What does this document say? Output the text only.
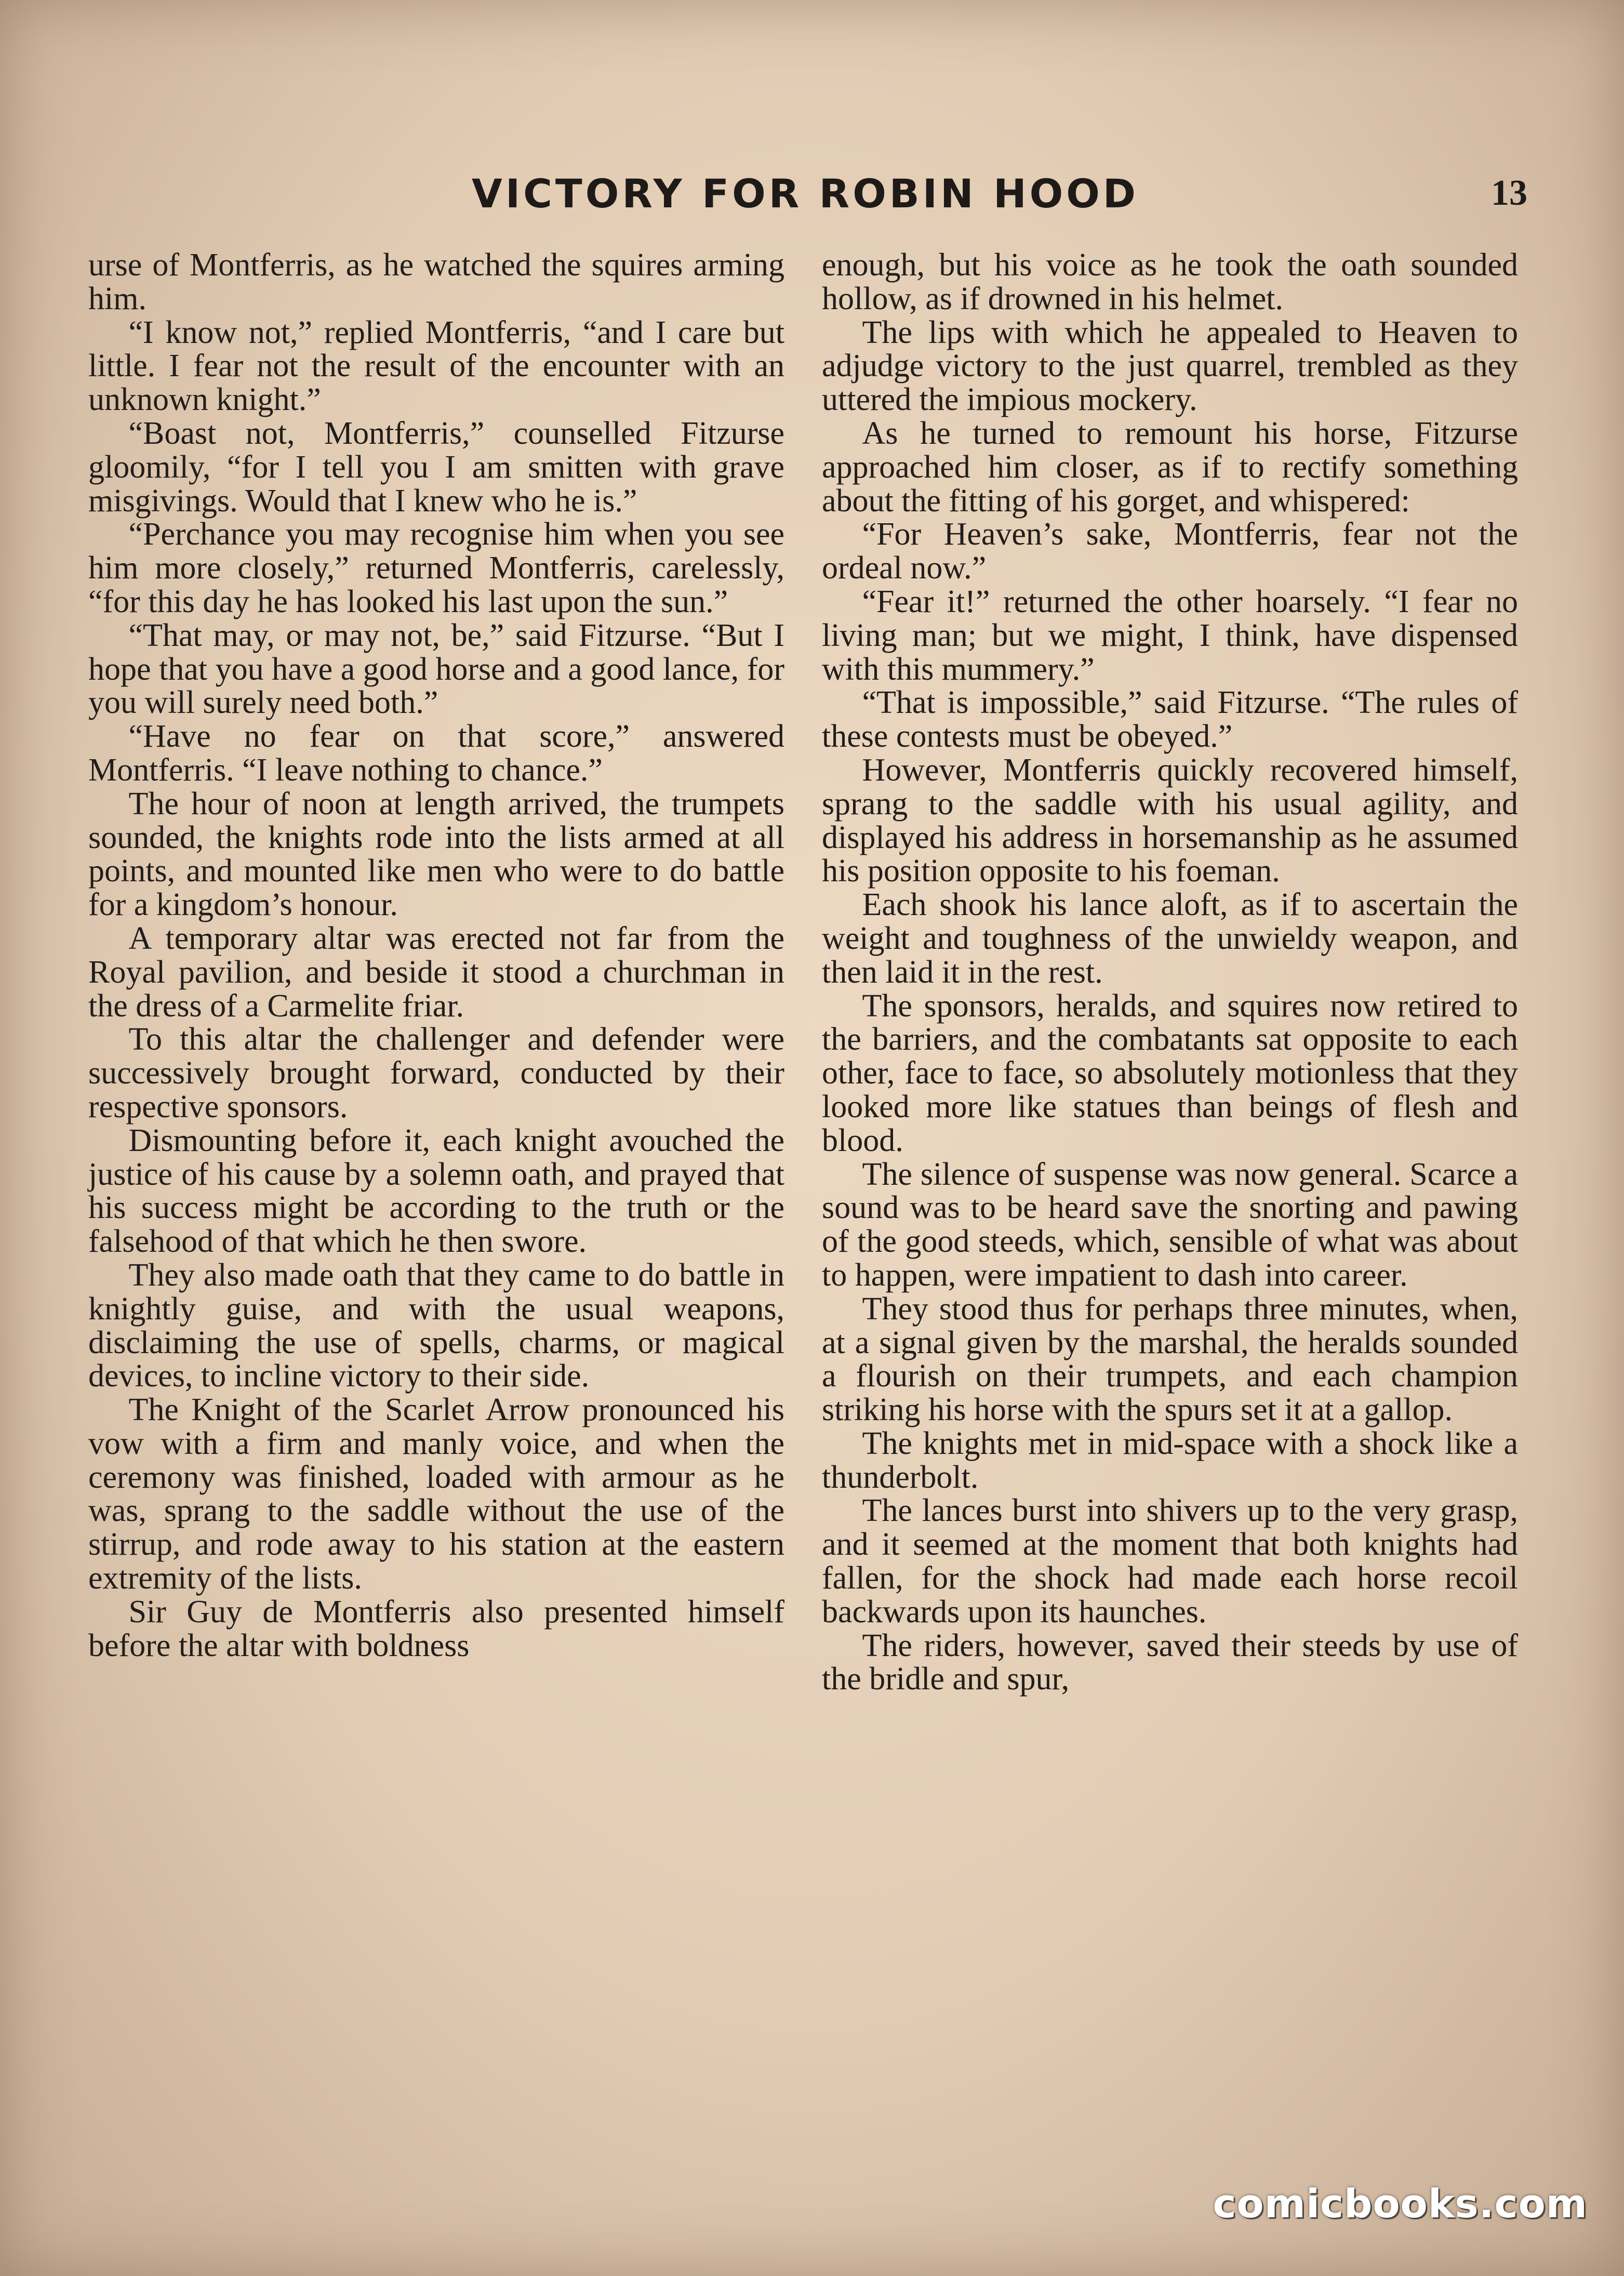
VICTORY FOR ROBIN HOOD	13

urse of Montferris, as he watched the squires arming him.

“I know not,” replied Montferris, “and I care but little. I fear not the result of the encounter with an unknown knight.”

“Boast not, Montferris,” counselled Fitzurse gloomily, “for I tell you I am smitten with grave misgivings. Would that I knew who he is.”

“Perchance you may recognise him when you see him more closely,” returned Montferris, carelessly, “for this day he has looked his last upon the sun.”

“That may, or may not, be,” said Fitzurse. “But I hope that you have a good horse and a good lance, for you will surely need both.”

“Have no fear on that score,” answered Montferris. “I leave nothing to chance.”

The hour of noon at length arrived, the trumpets sounded, the knights rode into the lists armed at all points, and mounted like men who were to do battle for a kingdom’s honour.

A temporary altar was erected not far from the Royal pavilion, and beside it stood a churchman in the dress of a Carmelite friar.

To this altar the challenger and defender were successively brought forward, conducted by their respective sponsors.

Dismounting before it, each knight avouched the justice of his cause by a solemn oath, and prayed that his success might be according to the truth or the falsehood of that which he then swore.

They also made oath that they came to do battle in knightly guise, and with the usual weapons, disclaiming the use of spells, charms, or magical devices, to incline victory to their side.

The Knight of the Scarlet Arrow pronounced his vow with a firm and manly voice, and when the ceremony was finished, loaded with armour as he was, sprang to the saddle without the use of the stirrup, and rode away to his station at the eastern extremity of the lists.

Sir Guy de Montferris also presented himself before the altar with boldness

enough, but his voice as he took the oath sounded hollow, as if drowned in his helmet.

The lips with which he appealed to Heaven to adjudge victory to the just quarrel, trembled as they uttered the impious mockery.

As he turned to remount his horse, Fitzurse approached him closer, as if to rectify something about the fitting of his gorget, and whispered:

“For Heaven’s sake, Montferris, fear not the ordeal now.”

“Fear it!” returned the other hoarsely. “I fear no living man; but we might, I think, have dispensed with this mummery.”

“That is impossible,” said Fitzurse. “The rules of these contests must be obeyed.”

However, Montferris quickly recovered himself, sprang to the saddle with his usual agility, and displayed his address in horsemanship as he assumed his position opposite to his foeman.

Each shook his lance aloft, as if to ascertain the weight and toughness of the unwieldy weapon, and then laid it in the rest.

The sponsors, heralds, and squires now retired to the barriers, and the combatants sat opposite to each other, face to face, so absolutely motionless that they looked more like statues than beings of flesh and blood.

The silence of suspense was now general. Scarce a sound was to be heard save the snorting and pawing of the good steeds, which, sensible of what was about to happen, were impatient to dash into career.

They stood thus for perhaps three minutes, when, at a signal given by the marshal, the heralds sounded a flourish on their trumpets, and each champion striking his horse with the spurs set it at a gallop.

The knights met in mid-space with a shock like a thunderbolt.

The lances burst into shivers up to the very grasp, and it seemed at the moment that both knights had fallen, for the shock had made each horse recoil backwards upon its haunches.

The riders, however, saved their steeds by use of the bridle and spur,

comicbooks.com
